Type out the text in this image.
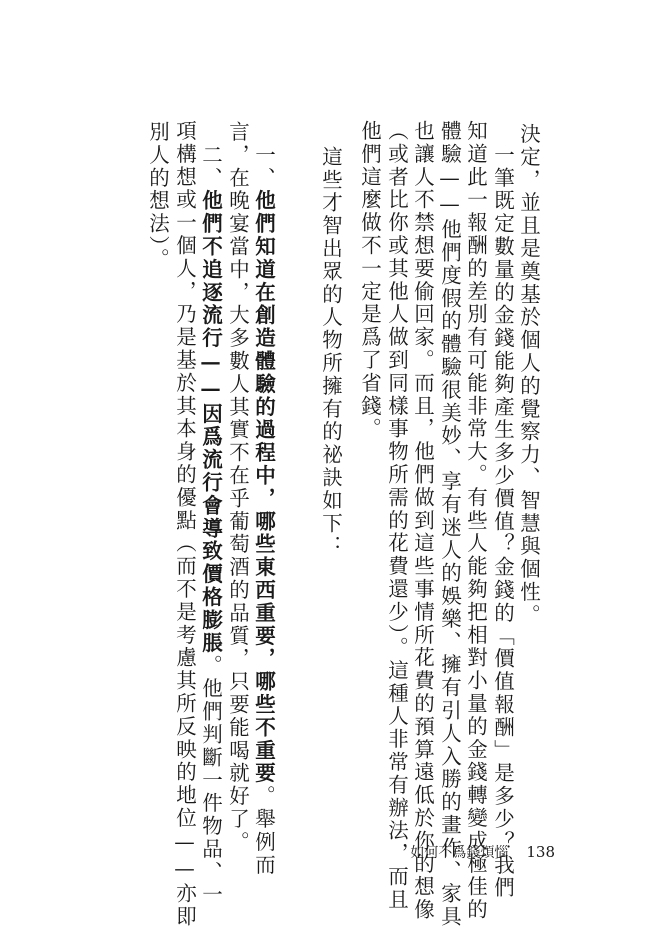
決定，並且是奠基於個人的覺察力、智慧與個性。
　一筆既定數量的金錢能夠產生多少價值？金錢的「價值報酬」是多少？我們
知道此一報酬的差別有可能非常大。有些人能夠把相對小量的金錢轉變成極佳的
體驗——他們度假的體驗很美妙、享有迷人的娛樂、擁有引人入勝的畫作、家具
也讓人不禁想要偷回家。而且，他們做到這些事情所花費的預算遠低於你的想像
（或者比你或其他人做到同樣事物所需的花費還少）。這種人非常有辦法，而且
他們這麼做不一定是爲了省錢。
　這些才智出眾的人物所擁有的祕訣如下：
　一、他們知道在創造體驗的過程中，哪些東西重要，哪些不重要。舉例而
言，在晚宴當中，大多數人其實不在乎葡萄酒的品質，只要能喝就好了。
　二、他們不追逐流行——因爲流行會導致價格膨脹。他們判斷一件物品、一
項構想或一個人，乃是基於其本身的優點（而不是考慮其所反映的地位——亦即
別人的想法）。
如何不爲錢煩惱 138
